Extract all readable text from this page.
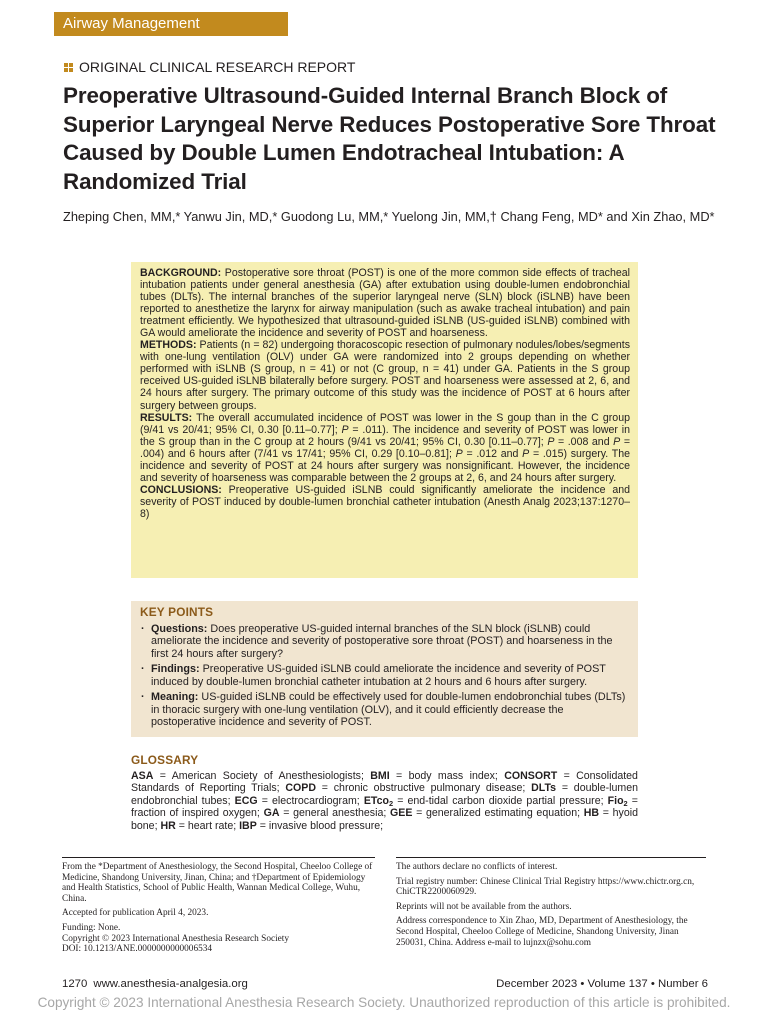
Airway Management
ORIGINAL CLINICAL RESEARCH REPORT
Preoperative Ultrasound-Guided Internal Branch Block of Superior Laryngeal Nerve Reduces Postoperative Sore Throat Caused by Double Lumen Endotracheal Intubation: A Randomized Trial
Zheping Chen, MM,* Yanwu Jin, MD,* Guodong Lu, MM,* Yuelong Jin, MM,† Chang Feng, MD* and Xin Zhao, MD*

BACKGROUND: Postoperative sore throat (POST) is one of the more common side effects of tracheal intubation patients under general anesthesia (GA) after extubation using double-lumen endobronchial tubes (DLTs). The internal branches of the superior laryngeal nerve (SLN) block (iSLNB) have been reported to anesthetize the larynx for airway manipulation (such as awake tracheal intubation) and pain treatment efficiently. We hypothesized that ultrasound-guided iSLNB (US-guided iSLNB) combined with GA would ameliorate the incidence and severity of POST and hoarseness.

METHODS: Patients (n = 82) undergoing thoracoscopic resection of pulmonary nodules/lobes/segments with one-lung ventilation (OLV) under GA were randomized into 2 groups depending on whether performed with iSLNB (S group, n = 41) or not (C group, n = 41) under GA. Patients in the S group received US-guided iSLNB bilaterally before surgery. POST and hoarseness were assessed at 2, 6, and 24 hours after surgery. The primary outcome of this study was the incidence of POST at 6 hours after surgery between groups.

RESULTS: The overall accumulated incidence of POST was lower in the S goup than in the C group (9/41 vs 20/41; 95% CI, 0.30 [0.11–0.77]; P = .011). The incidence and severity of POST was lower in the S group than in the C group at 2 hours (9/41 vs 20/41; 95% CI, 0.30 [0.11–0.77]; P = .008 and P = .004) and 6 hours after (7/41 vs 17/41; 95% CI, 0.29 [0.10–0.81]; P = .012 and P = .015) surgery. The incidence and severity of POST at 24 hours after surgery was nonsignificant. However, the incidence and severity of hoarseness was comparable between the 2 groups at 2, 6, and 24 hours after surgery.

CONCLUSIONS: Preoperative US-guided iSLNB could significantly ameliorate the incidence and severity of POST induced by double-lumen bronchial catheter intubation (Anesth Analg 2023;137:1270–8)

KEY POINTS
· Questions: Does preoperative US-guided internal branches of the SLN block (iSLNB) could ameliorate the incidence and severity of postoperative sore throat (POST) and hoarseness in the first 24 hours after surgery?
· Findings: Preoperative US-guided iSLNB could ameliorate the incidence and severity of POST induced by double-lumen bronchial catheter intubation at 2 hours and 6 hours after surgery.
· Meaning: US-guided iSLNB could be effectively used for double-lumen endobronchial tubes (DLTs) in thoracic surgery with one-lung ventilation (OLV), and it could efficiently decrease the postoperative incidence and severity of POST.
GLOSSARY
ASA = American Society of Anesthesiologists; BMI = body mass index; CONSORT = Consolidated Standards of Reporting Trials; COPD = chronic obstructive pulmonary disease; DLTs = double-lumen endobronchial tubes; ECG = electrocardiogram; ETco$_2$ = end-tidal carbon dioxide partial pressure; Fio$_2$ = fraction of inspired oxygen; GA = general anesthesia; GEE = generalized estimating equation; HB = hyoid bone; HR = heart rate; IBP = invasive blood pressure;

From the *Department of Anesthesiology, the Second Hospital, Cheeloo College of Medicine, Shandong University, Jinan, China; and †Department of Epidemiology and Health Statistics, School of Public Health, Wannan Medical College, Wuhu, China.

Accepted for publication April 4, 2023.

Funding: None.

Copyright © 2023 International Anesthesia Research Society

DOI: 10.1213/ANE.0000000000006534

The authors declare no conflicts of interest.

Trial registry number: Chinese Clinical Trial Registry https://www.chictr.org.cn, ChiCTR2200060929.

Reprints will not be available from the authors.

Address correspondence to Xin Zhao, MD, Department of Anesthesiology, the Second Hospital, Cheeloo College of Medicine, Shandong University, Jinan 250031, China. Address e-mail to lujnzx@sohu.com

1270 www.anesthesia-analgesia.org	December 2023 • Volume 137 • Number 6
Copyright © 2023 International Anesthesia Research Society. Unauthorized reproduction of this article is prohibited.
